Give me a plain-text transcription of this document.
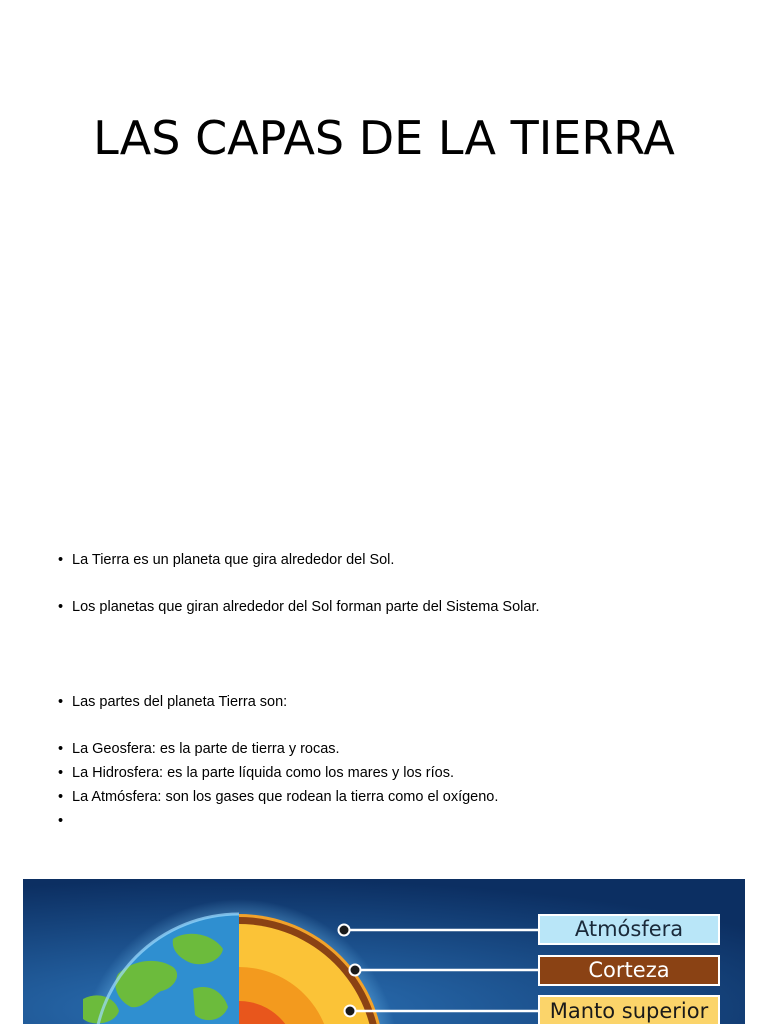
LAS CAPAS DE LA TIERRA
• La Tierra es un planeta que gira alrededor del Sol.
• Los planetas que giran alrededor del Sol forman parte del Sistema Solar.
• Las partes del planeta Tierra son:
• La Geosfera: es la parte de tierra y rocas.
• La Hidrosfera: es la parte líquida como los mares y los ríos.
• La Atmósfera: son los gases que rodean la tierra como el oxígeno.
•
Atmósfera
Corteza
Manto superior
